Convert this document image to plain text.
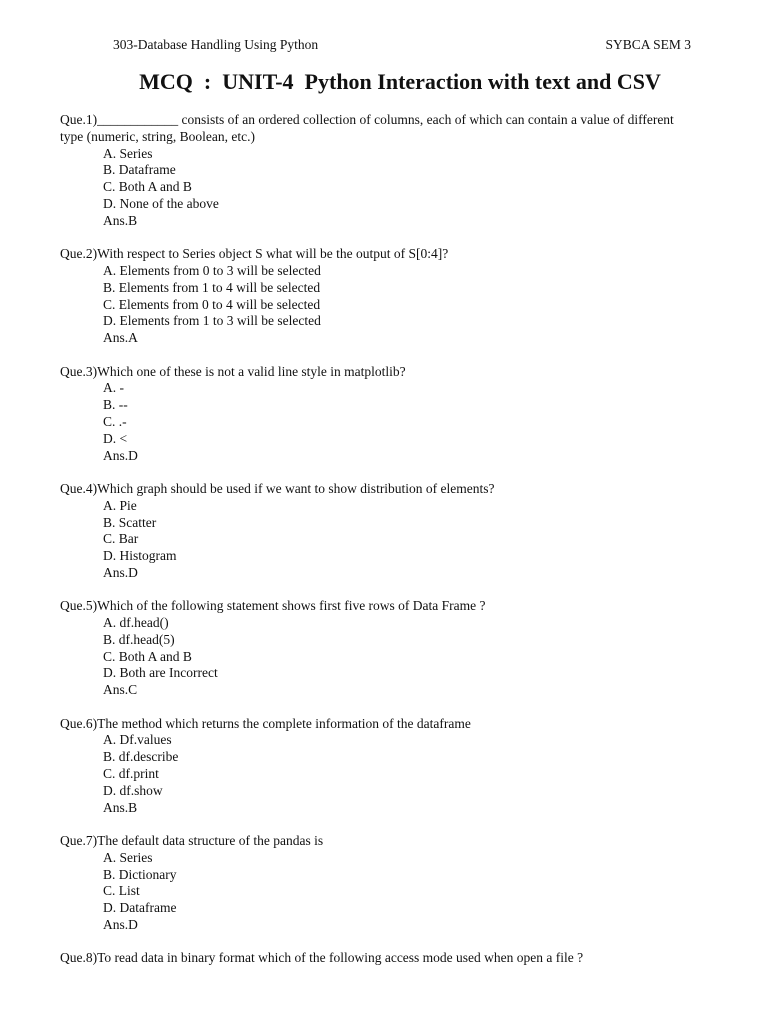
303-Database Handling Using Python	SYBCA SEM 3
MCQ  :  UNIT-4  Python Interaction with text and CSV
Que.1)____________ consists of an ordered collection of columns, each of which can contain a value of different type (numeric, string, Boolean, etc.)
A. Series
B. Dataframe
C. Both A and B
D. None of the above
Ans.B
Que.2)With respect to Series object S what will be the output of S[0:4]?
A. Elements from 0 to 3 will be selected
B. Elements from 1 to 4 will be selected
C. Elements from 0 to 4 will be selected
D. Elements from 1 to 3 will be selected
Ans.A
Que.3)Which one of these is not a valid line style in matplotlib?
A. -
B. --
C. .-
D. <
Ans.D
Que.4)Which graph should be used if we want to show distribution of elements?
A. Pie
B. Scatter
C. Bar
D. Histogram
Ans.D
Que.5)Which of the following statement shows first five rows of Data Frame ?
A. df.head()
B. df.head(5)
C. Both A and B
D. Both are Incorrect
Ans.C
Que.6)The method which returns the complete information of the dataframe
A. Df.values
B. df.describe
C. df.print
D. df.show
Ans.B
Que.7)The default data structure of the pandas is
A. Series
B. Dictionary
C. List
D. Dataframe
Ans.D
Que.8)To read data in binary format which of the following access mode used when open a file ?
